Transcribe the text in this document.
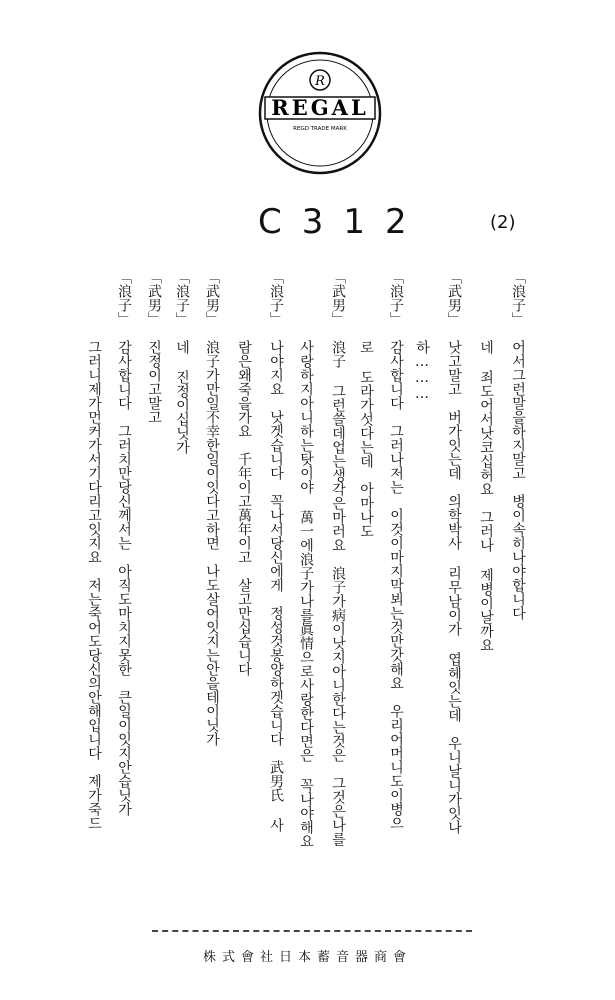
R
REGAL
REGD TRADE MARK
C312	(2)
「浪子」어서그런말을하지말고　병이속히나야합니다
네 죄도어서낫코십허요　그러나 제병이날까요
「武男」낫고말고　버가잇는데　의학박사 리무남이가 엽헤잇는데　우니날니가잇나
하………
「浪子」감사합니다　그러나저는　이것이마지막뵈는것만갓해요　우리어머니도이병으
로 도라가섯다는데　아마나도
「武男」浪子 그런쓸데업는생각은마러요　浪子가病이낫지아니한다는것은　그것은나를
사랑하지아니하는탓이야 萬一에浪子가나를眞情으로사랑한다면은 꼭나야해요
「浪子」나야지요　낫겟습니다　꼭나서당신에게　정성것봉양하겟습니다　武男氏 사
람은왜죽을가요　千年이고萬年이고　살고만십습니다
「武男」浪子가만일不幸한일이잇다고하면　나도살어잇지는안을테이닛가
「浪子」네 진정이십닛가
「武男」진정이고말고
「浪子」감사합니다　그러치만당신께서는　아직도마치지못한　큰일이잇지안습닛가
그러니제가먼커가서기다리고잇지요　저는죽어도당신의안해입니다　제가죽드
株式會社日本蓄音器商會
